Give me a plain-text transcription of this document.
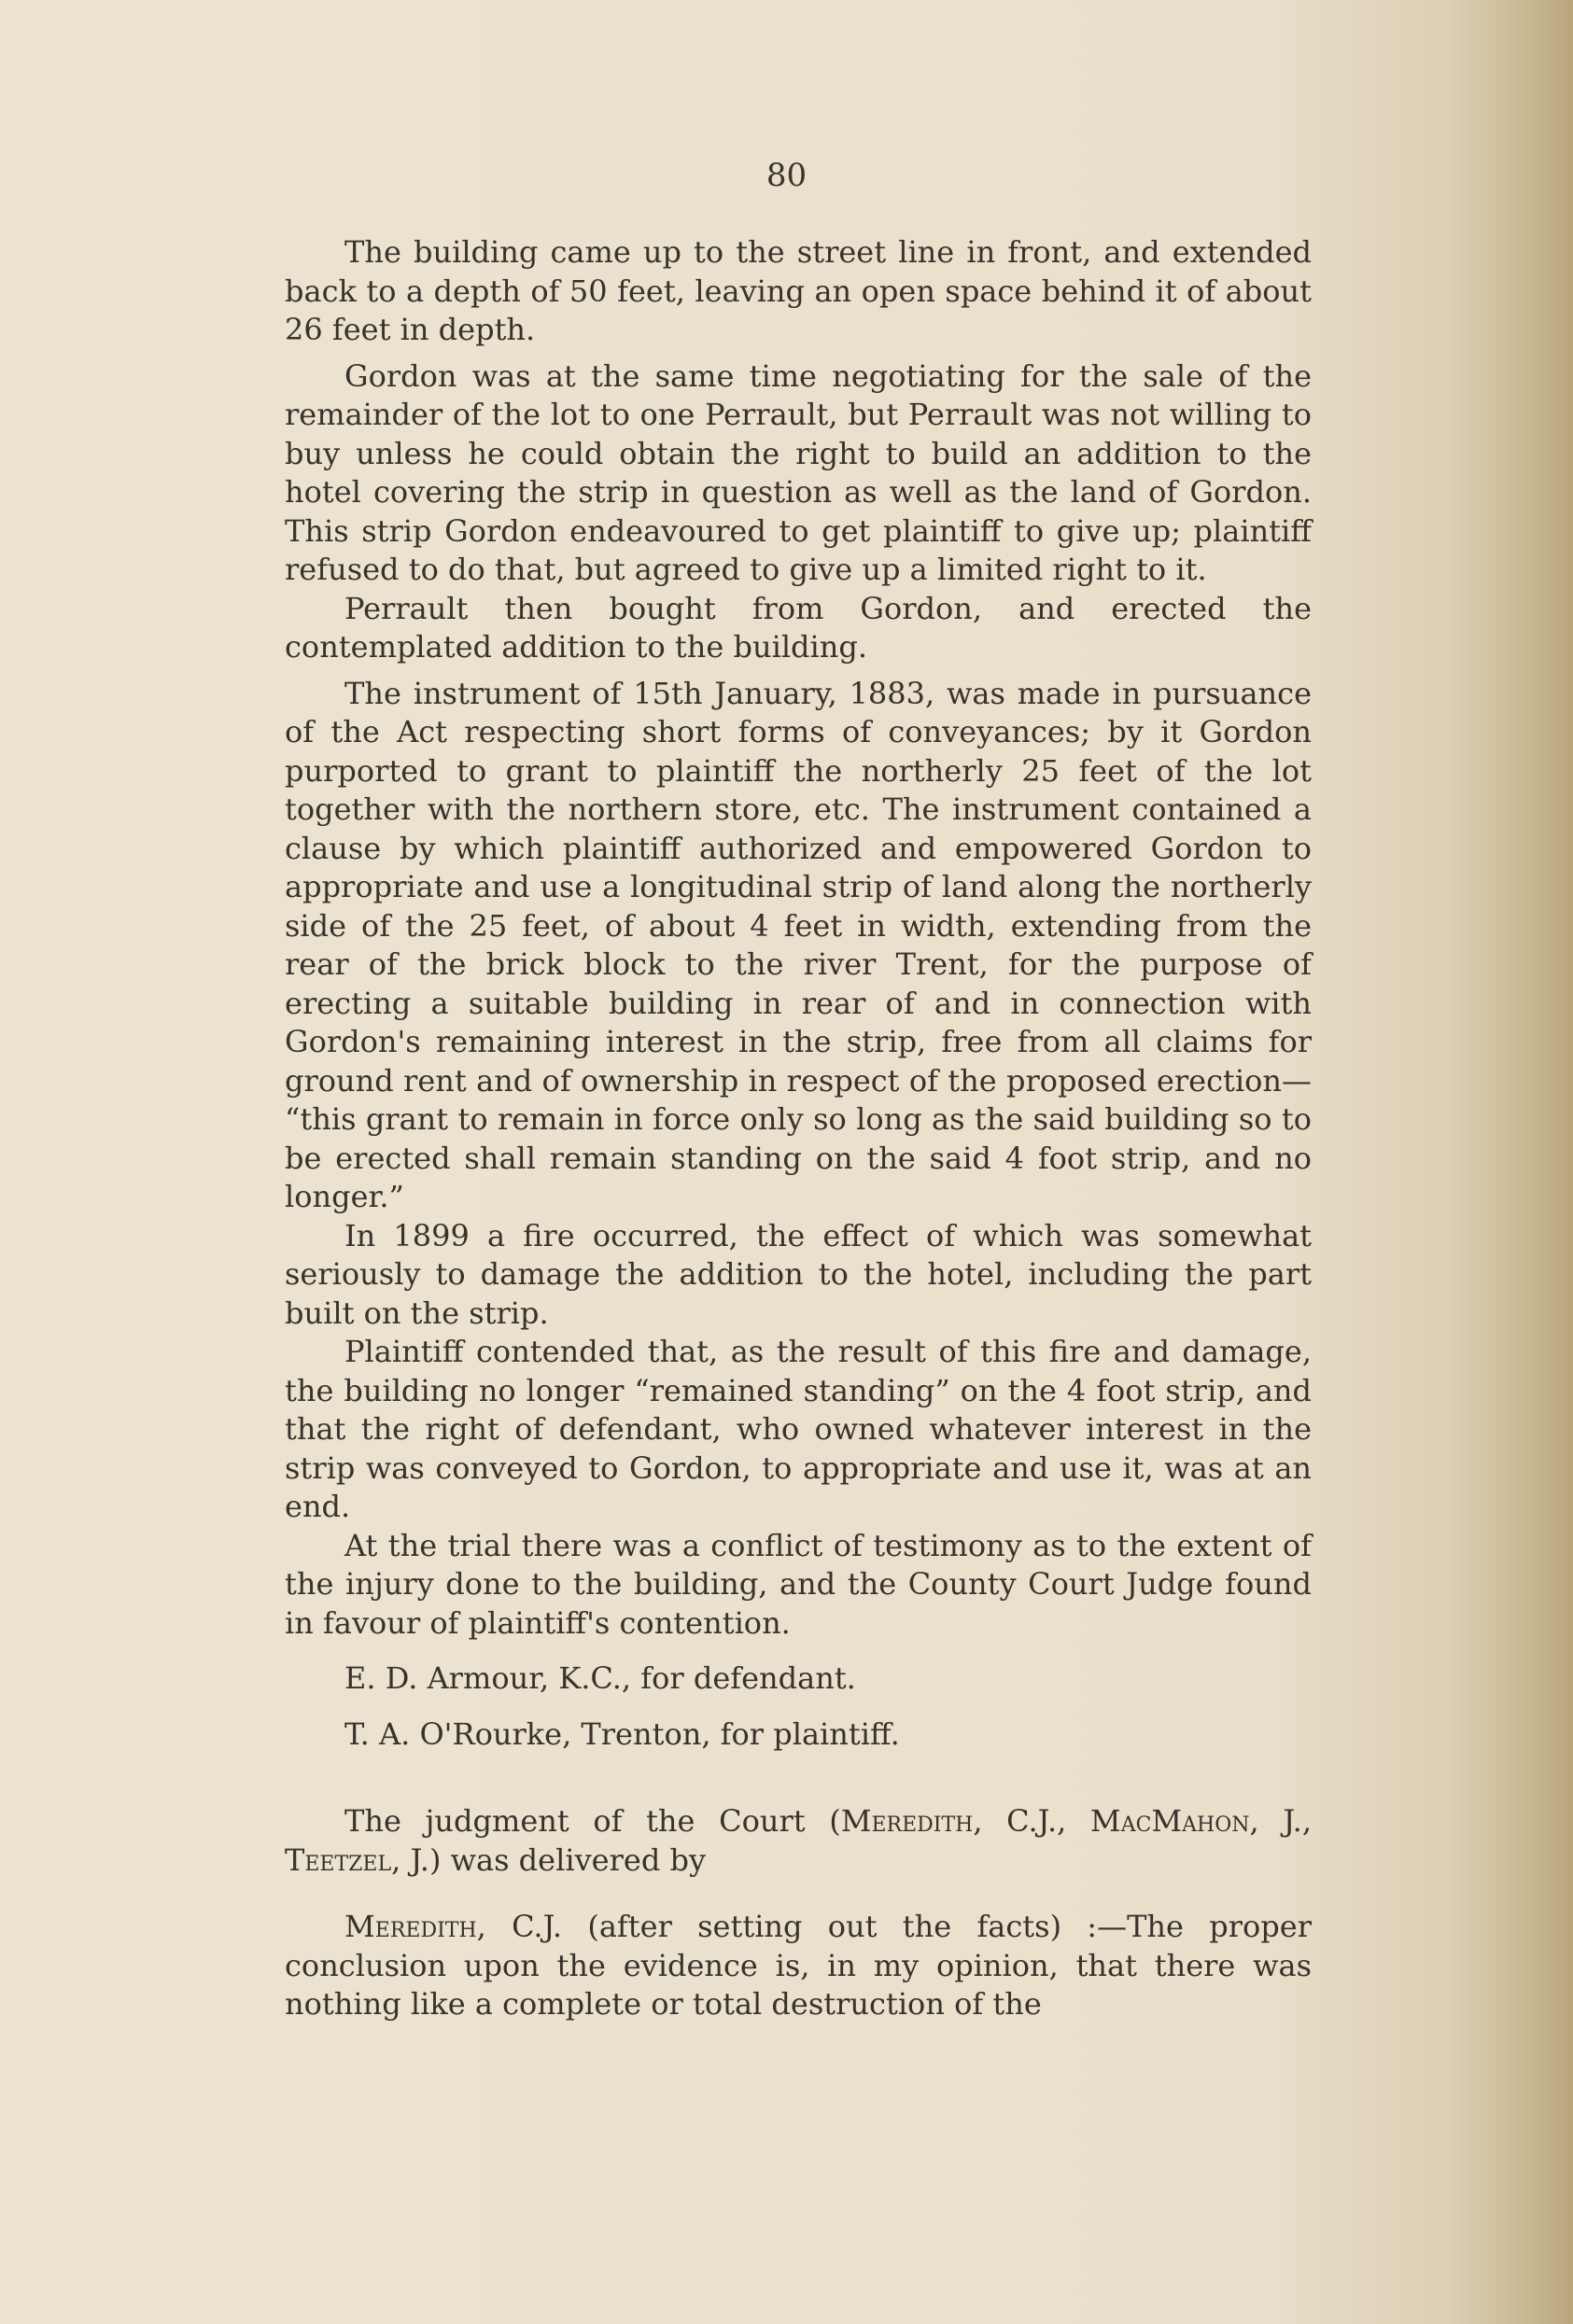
80

The building came up to the street line in front, and extended back to a depth of 50 feet, leaving an open space behind it of about 26 feet in depth.

Gordon was at the same time negotiating for the sale of the remainder of the lot to one Perrault, but Perrault was not willing to buy unless he could obtain the right to build an addition to the hotel covering the strip in question as well as the land of Gordon. This strip Gordon endeavoured to get plaintiff to give up; plaintiff refused to do that, but agreed to give up a limited right to it.

Perrault then bought from Gordon, and erected the contemplated addition to the building.

The instrument of 15th January, 1883, was made in pursuance of the Act respecting short forms of conveyances; by it Gordon purported to grant to plaintiff the northerly 25 feet of the lot together with the northern store, etc. The instrument contained a clause by which plaintiff authorized and empowered Gordon to appropriate and use a longitudinal strip of land along the northerly side of the 25 feet, of about 4 feet in width, extending from the rear of the brick block to the river Trent, for the purpose of erecting a suitable building in rear of and in connection with Gordon's remaining interest in the strip, free from all claims for ground rent and of ownership in respect of the proposed erection— “this grant to remain in force only so long as the said building so to be erected shall remain standing on the said 4 foot strip, and no longer.”

In 1899 a fire occurred, the effect of which was somewhat seriously to damage the addition to the hotel, including the part built on the strip.

Plaintiff contended that, as the result of this fire and damage, the building no longer “remained standing” on the 4 foot strip, and that the right of defendant, who owned whatever interest in the strip was conveyed to Gordon, to appropriate and use it, was at an end.

At the trial there was a conflict of testimony as to the extent of the injury done to the building, and the County Court Judge found in favour of plaintiff's contention.

E. D. Armour, K.C., for defendant.

T. A. O'Rourke, Trenton, for plaintiff.

The judgment of the Court (Meredith, C.J., MacMahon, J., Teetzel, J.) was delivered by

Meredith, C.J. (after setting out the facts) :—The proper conclusion upon the evidence is, in my opinion, that there was nothing like a complete or total destruction of the
